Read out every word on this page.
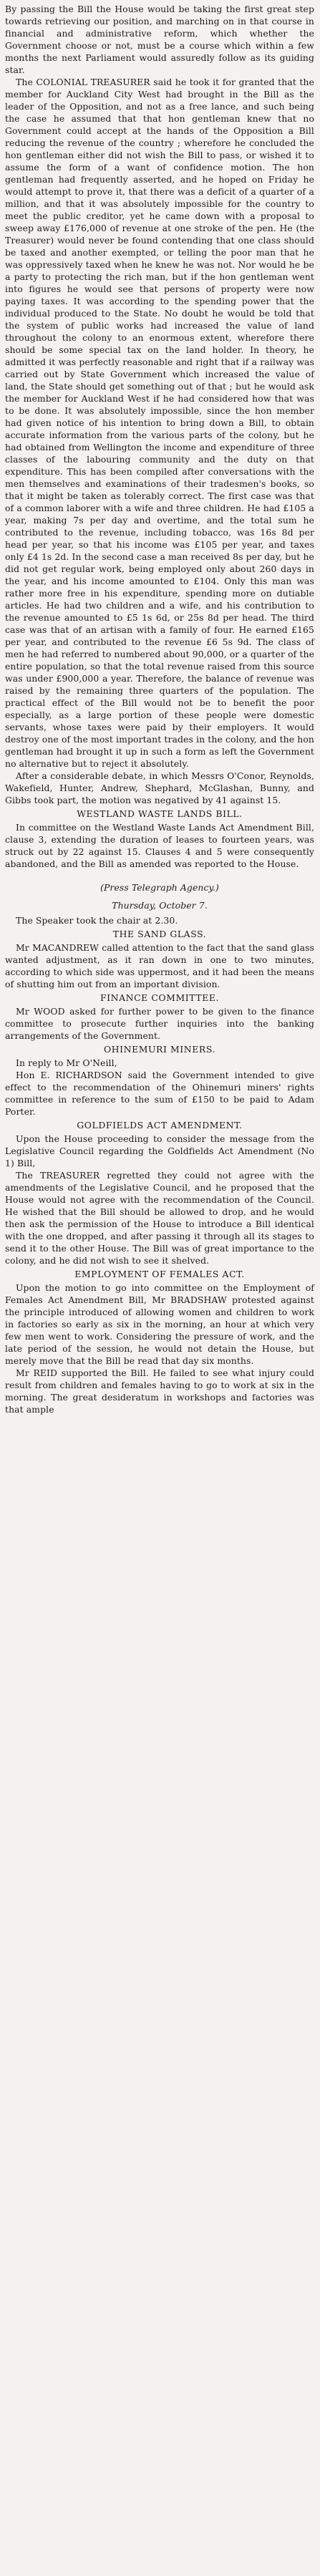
By passing the Bill the House would be taking the first great step towards retrieving our position, and marching on in that course in financial and administrative reform, which whether the Government choose or not, must be a course which within a few months the next Parliament would assuredly follow as its guiding star.

The COLONIAL TREASURER said he took it for granted that the member for Auckland City West had brought in the Bill as the leader of the Opposition, and not as a free lance, and such being the case he assumed that that hon gentleman knew that no Government could accept at the hands of the Opposition a Bill reducing the revenue of the country ; wherefore he concluded the hon gentleman either did not wish the Bill to pass, or wished it to assume the form of a want of confidence motion. The hon gentleman had frequently asserted, and he hoped on Friday he would attempt to prove it, that there was a deficit of a quarter of a million, and that it was absolutely impossible for the country to meet the public creditor, yet he came down with a proposal to sweep away £176,000 of revenue at one stroke of the pen. He (the Treasurer) would never be found contending that one class should be taxed and another exempted, or telling the poor man that he was oppressively taxed when he knew he was not. Nor would he be a party to protecting the rich man, but if the hon gentleman went into figures he would see that persons of property were now paying taxes. It was according to the spending power that the individual produced to the State. No doubt he would be told that the system of public works had increased the value of land throughout the colony to an enormous extent, wherefore there should be some special tax on the land holder. In theory, he admitted it was perfectly reasonable and right that if a railway was carried out by State Government which increased the value of land, the State should get something out of that ; but he would ask the member for Auckland West if he had considered how that was to be done. It was absolutely impossible, since the hon member had given notice of his intention to bring down a Bill, to obtain accurate information from the various parts of the colony, but he had obtained from Wellington the income and expenditure of three classes of the labouring community and the duty on that expenditure. This has been compiled after conversations with the men themselves and examinations of their tradesmen's books, so that it might be taken as tolerably correct. The first case was that of a common laborer with a wife and three children. He had £105 a year, making 7s per day and overtime, and the total sum he contributed to the revenue, including tobacco, was 16s 8d per head per year, so that his income was £105 per year, and taxes only £4 1s 2d. In the second case a man received 8s per day, but he did not get regular work, being employed only about 260 days in the year, and his income amounted to £104. Only this man was rather more free in his expenditure, spending more on dutiable articles. He had two children and a wife, and his contribution to the revenue amounted to £5 1s 6d, or 25s 8d per head. The third case was that of an artisan with a family of four. He earned £165 per year, and contributed to the revenue £6 5s 9d. The class of men he had referred to numbered about 90,000, or a quarter of the entire population, so that the total revenue raised from this source was under £900,000 a year. Therefore, the balance of revenue was raised by the remaining three quarters of the population. The practical effect of the Bill would not be to benefit the poor especially, as a large portion of these people were domestic servants, whose taxes were paid by their employers. It would destroy one of the most important trades in the colony, and the hon gentleman had brought it up in such a form as left the Government no alternative but to reject it absolutely.

After a considerable debate, in which Messrs O'Conor, Reynolds, Wakefield, Hunter, Andrew, Shephard, McGlashan, Bunny, and Gibbs took part, the motion was negatived by 41 against 15.

WESTLAND WASTE LANDS BILL.

In committee on the Westland Waste Lands Act Amendment Bill, clause 3, extending the duration of leases to fourteen years, was struck out by 22 against 15. Clauses 4 and 5 were consequently abandoned, and the Bill as amended was reported to the House.

(Press Telegraph Agency.)
Thursday, October 7.

The Speaker took the chair at 2.30.

THE SAND GLASS.

Mr MACANDREW called attention to the fact that the sand glass wanted adjustment, as it ran down in one to two minutes, according to which side was uppermost, and it had been the means of shutting him out from an important division.

FINANCE COMMITTEE.

Mr WOOD asked for further power to be given to the finance committee to prosecute further inquiries into the banking arrangements of the Government.

OHINEMURI MINERS.

In reply to Mr O'Neill,

Hon E. RICHARDSON said the Government intended to give effect to the recommendation of the Ohinemuri miners' rights committee in reference to the sum of £150 to be paid to Adam Porter.

GOLDFIELDS ACT AMENDMENT.

Upon the House proceeding to consider the message from the Legislative Council regarding the Goldfields Act Amendment (No 1) Bill,

The TREASURER regretted they could not agree with the amendments of the Legislative Council, and he proposed that the House would not agree with the recommendation of the Council. He wished that the Bill should be allowed to drop, and he would then ask the permission of the House to introduce a Bill identical with the one dropped, and after passing it through all its stages to send it to the other House. The Bill was of great importance to the colony, and he did not wish to see it shelved.

EMPLOYMENT OF FEMALES ACT.

Upon the motion to go into committee on the Employment of Females Act Amendment Bill, Mr BRADSHAW protested against the principle introduced of allowing women and children to work in factories so early as six in the morning, an hour at which very few men went to work. Considering the pressure of work, and the late period of the session, he would not detain the House, but merely move that the Bill be read that day six months.

Mr REID supported the Bill. He failed to see what injury could result from children and females having to go to work at six in the morning. The great desideratum in workshops and factories was that ample
